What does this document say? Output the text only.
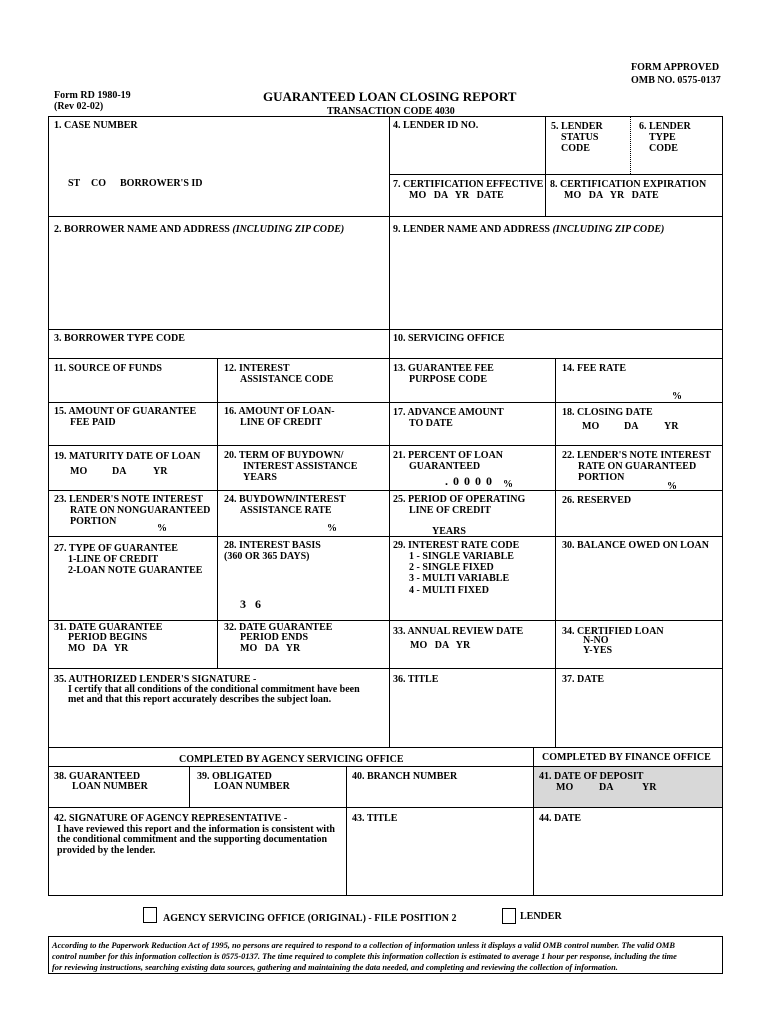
FORM APPROVED
OMB NO. 0575-0137
Form RD 1980-19
(Rev 02-02)
GUARANTEED LOAN CLOSING REPORT
TRANSACTION CODE 4030
1. CASE NUMBER
ST CO BORROWER'S ID
2. BORROWER NAME AND ADDRESS (INCLUDING ZIP CODE)
3. BORROWER TYPE CODE
4. LENDER ID NO.	5. LENDER
STATUS
CODE
6. LENDER
TYPE
CODE
7. CERTIFICATION EFFECTIVE
MO   DA   YR   DATE
8. CERTIFICATION EXPIRATION
MO   DA   YR   DATE
9. LENDER NAME AND ADDRESS (INCLUDING ZIP CODE)
10. SERVICING OFFICE
11. SOURCE OF FUNDS	12. INTEREST
ASSISTANCE CODE
13. GUARANTEE FEE
PURPOSE CODE
14. FEE RATE
%
15. AMOUNT OF GUARANTEE
FEE PAID
16. AMOUNT OF LOAN-
LINE OF CREDIT
17. ADVANCE AMOUNT
TO DATE
18. CLOSING DATE
MO DA	YR
19. MATURITY DATE OF LOAN
MO DA	YR
20. TERM OF BUYDOWN/
INTEREST ASSISTANCE
YEARS
21. PERCENT OF LOAN
GUARANTEED
.0000 %
22. LENDER'S NOTE INTEREST
RATE ON GUARANTEED
PORTION
%
23. LENDER'S NOTE INTEREST
RATE ON NONGUARANTEED
PORTION
%
24. BUYDOWN/INTEREST
ASSISTANCE RATE
%
25. PERIOD OF OPERATING
LINE OF CREDIT
YEARS
26. RESERVED
27. TYPE OF GUARANTEE
1-LINE OF CREDIT
2-LOAN NOTE GUARANTEE
28. INTEREST BASIS
(360 OR 365 DAYS)
36
29. INTEREST RATE CODE
1 - SINGLE VARIABLE
2 - SINGLE FIXED
3 - MULTI VARIABLE
4 - MULTI FIXED
30. BALANCE OWED ON LOAN
31. DATE GUARANTEE
PERIOD BEGINS
MO   DA   YR
32. DATE GUARANTEE
PERIOD ENDS
MO   DA   YR
33. ANNUAL REVIEW DATE
MO   DA   YR
34. CERTIFIED LOAN
N-NO
Y-YES
35. AUTHORIZED LENDER'S SIGNATURE -
I certify that all conditions of the conditional commitment have been
met and that this report accurately describes the subject loan.
36. TITLE	37. DATE
COMPLETED BY AGENCY SERVICING OFFICE	COMPLETED BY FINANCE OFFICE
38. GUARANTEED
LOAN NUMBER
39. OBLIGATED
LOAN NUMBER
40. BRANCH NUMBER	41. DATE OF DEPOSIT
MO	DA	YR
42. SIGNATURE OF AGENCY REPRESENTATIVE -
I have reviewed this report and the information is consistent with
the conditional commitment and the supporting documentation
provided by the lender.
43. TITLE	44. DATE
AGENCY SERVICING OFFICE (ORIGINAL) - FILE POSITION 2	LENDER
According to the Paperwork Reduction Act of 1995, no persons are required to respond to a collection of information unless it displays a valid OMB control number. The valid OMB
control number for this information collection is 0575-0137. The time required to complete this information collection is estimated to average 1 hour per response, including the time
for reviewing instructions, searching existing data sources, gathering and maintaining the data needed, and completing and reviewing the collection of information.
